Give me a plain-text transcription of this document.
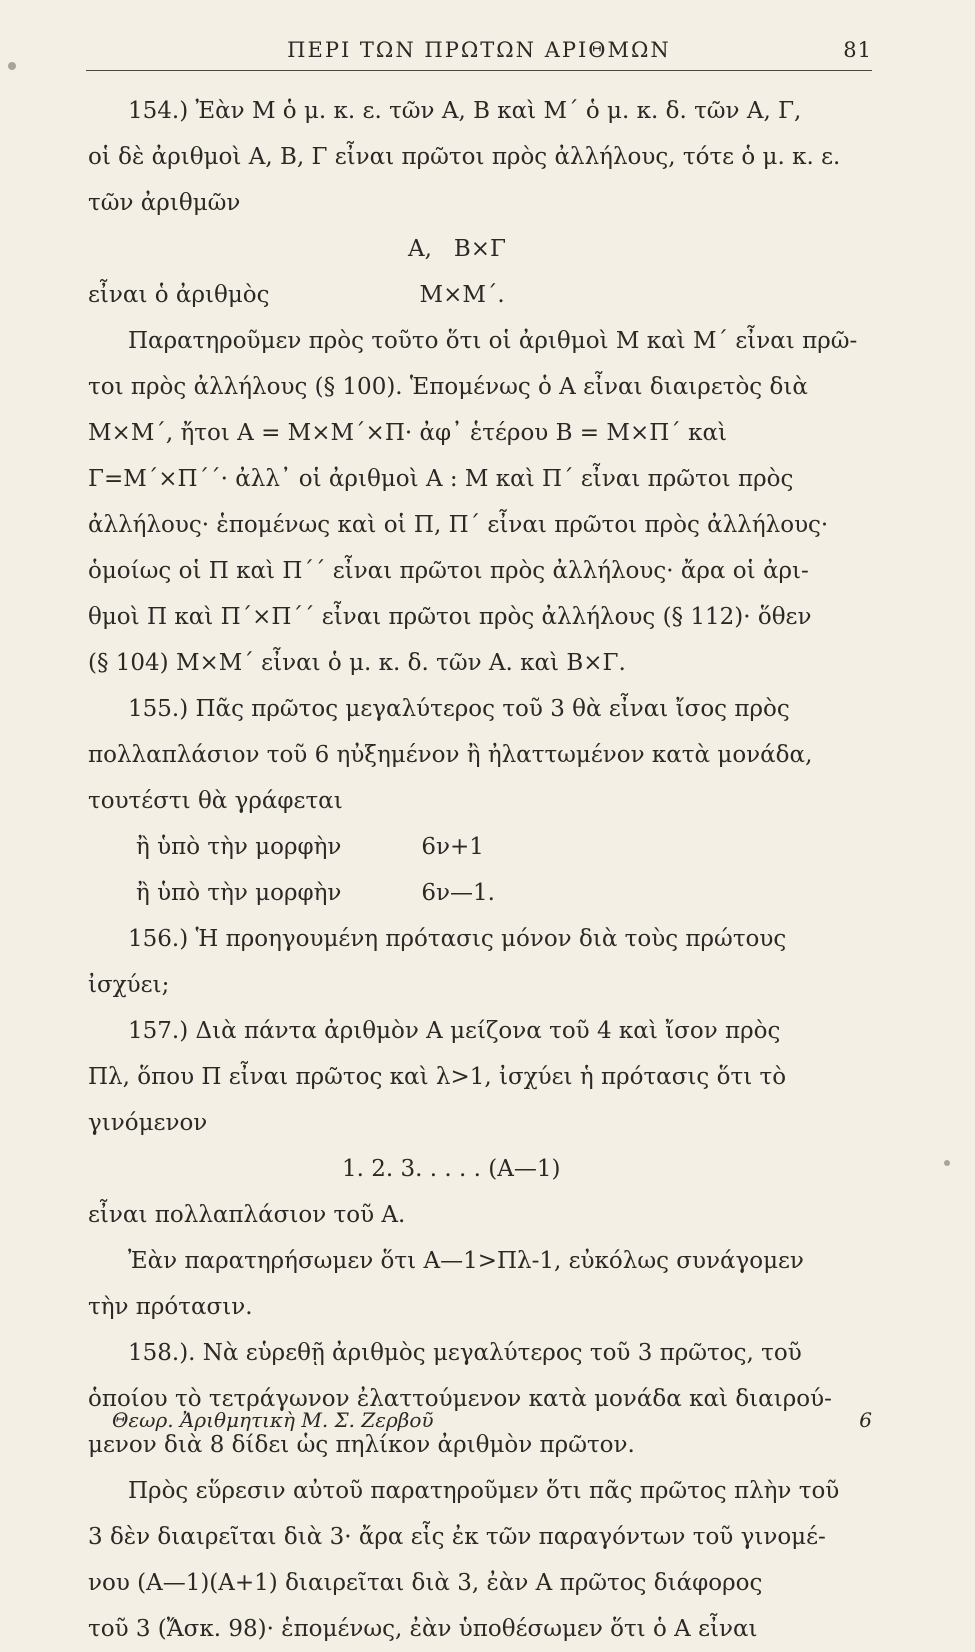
ΠΕΡΙ ΤΩΝ ΠΡΩΤΩΝ ΑΡΙΘΜΩΝ	81
154.) Ἐὰν Μ ὁ μ. κ. ε. τῶν Α, Β καὶ Μ΄ ὁ μ. κ. δ. τῶν Α, Γ,
οἱ δὲ ἀριθμοὶ Α, Β, Γ εἶναι πρῶτοι πρὸς ἀλλήλους, τότε ὁ μ. κ. ε.
τῶν ἀριθμῶν
Α,   Β×Γ
εἶναι ὁ ἀριθμὸς	Μ×Μ΄.
Παρατηροῦμεν πρὸς τοῦτο ὅτι οἱ ἀριθμοὶ Μ καὶ Μ΄ εἶναι πρῶ-
τοι πρὸς ἀλλήλους (§ 100). Ἑπομένως ὁ Α εἶναι διαιρετὸς διὰ
Μ×Μ΄, ἤτοι Α = Μ×Μ΄×Π· ἀφ᾽ ἑτέρου Β = Μ×Π΄ καὶ
Γ=Μ΄×Π΄΄· ἀλλ᾽ οἱ ἀριθμοὶ Α : Μ καὶ Π΄ εἶναι πρῶτοι πρὸς
ἀλλήλους· ἑπομένως καὶ οἱ Π, Π΄ εἶναι πρῶτοι πρὸς ἀλλήλους·
ὁμοίως οἱ Π καὶ Π΄΄ εἶναι πρῶτοι πρὸς ἀλλήλους· ἄρα οἱ ἀρι-
θμοὶ Π καὶ Π΄×Π΄΄ εἶναι πρῶτοι πρὸς ἀλλήλους (§ 112)· ὅθεν
(§ 104) Μ×Μ΄ εἶναι ὁ μ. κ. δ. τῶν Α. καὶ Β×Γ.
155.) Πᾶς πρῶτος μεγαλύτερος τοῦ 3 θὰ εἶναι ἴσος πρὸς
πολλαπλάσιον τοῦ 6 ηὐξημένον ἢ ἠλαττωμένον κατὰ μονάδα,
τουτέστι θὰ γράφεται
ἢ ὑπὸ τὴν μορφὴν	6ν+1
ἢ ὑπὸ τὴν μορφὴν	6ν—1.
156.) Ἡ προηγουμένη πρότασις μόνον διὰ τοὺς πρώτους
ἰσχύει;
157.) Διὰ πάντα ἀριθμὸν Α μείζονα τοῦ 4 καὶ ἴσον πρὸς
Πλ, ὅπου Π εἶναι πρῶτος καὶ λ>1, ἰσχύει ἡ πρότασις ὅτι τὸ
γινόμενον
1. 2. 3. . . . . (Α—1)
εἶναι πολλαπλάσιον τοῦ Α.
Ἐὰν παρατηρήσωμεν ὅτι Α—1>Πλ-1, εὐκόλως συνάγομεν
τὴν πρότασιν.
158.). Νὰ εὑρεθῇ ἀριθμὸς μεγαλύτερος τοῦ 3 πρῶτος, τοῦ
ὁποίου τὸ τετράγωνον ἐλαττούμενον κατὰ μονάδα καὶ διαιρού-
μενον διὰ 8 δίδει ὡς πηλίκον ἀριθμὸν πρῶτον.
Πρὸς εὕρεσιν αὐτοῦ παρατηροῦμεν ὅτι πᾶς πρῶτος πλὴν τοῦ
3 δὲν διαιρεῖται διὰ 3· ἄρα εἷς ἐκ τῶν παραγόντων τοῦ γινομέ-
νου (Α—1)(Α+1) διαιρεῖται διὰ 3, ἐὰν Α πρῶτος διάφορος
τοῦ 3 (Ἄσκ. 98)· ἑπομένως, ἐὰν ὑποθέσωμεν ὅτι ὁ Α εἶναι
Θεωρ. Ἀριθμητικὴ Μ. Σ. Ζερβοῦ	6
